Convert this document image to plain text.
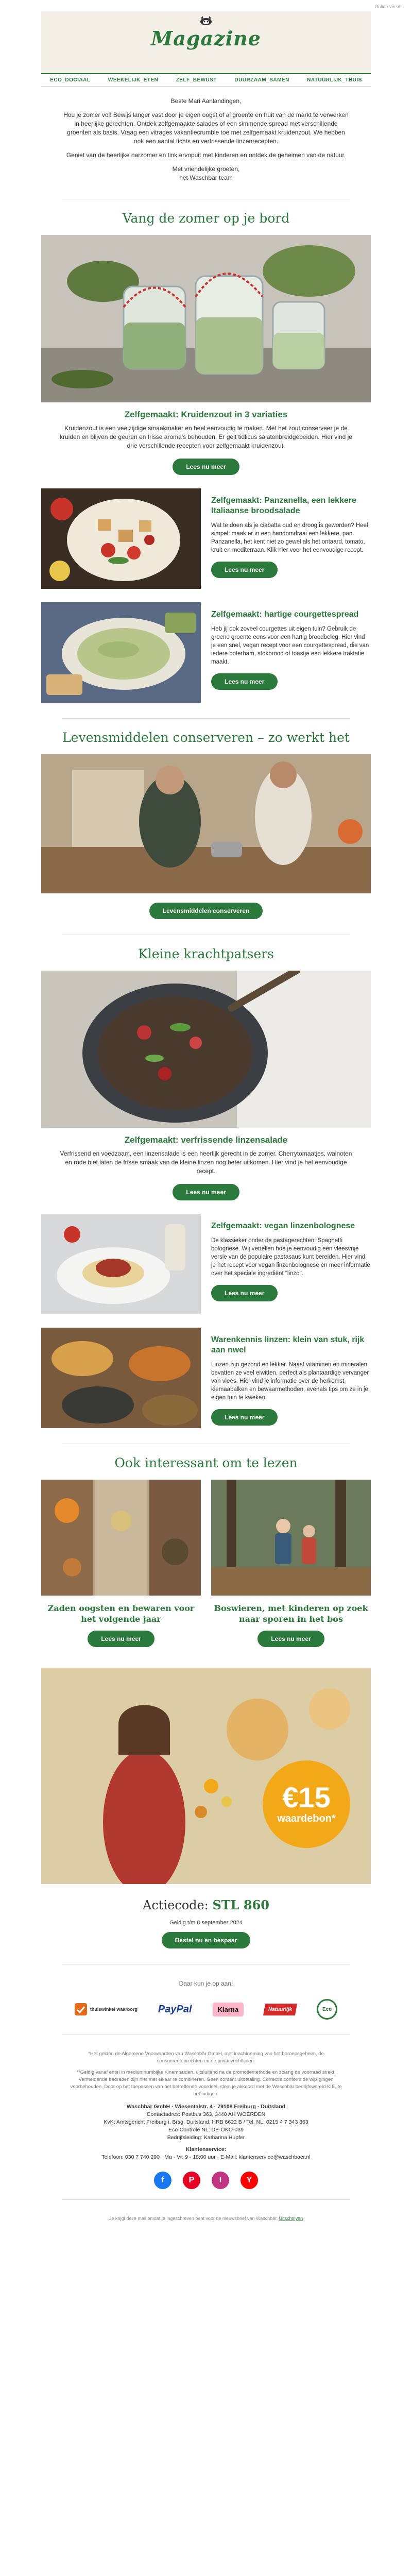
Online versie
Magazine
ECO_DOCIAAL	WEEKELIJK_ETEN	ZELF_BEWUST	DUURZAAM_SAMEN	NATUURLIJK_THUIS

Beste Mari Aanlandingen,

Hou je zomer vol! Bewijs langer vast door je eigen oogst of al groente en fruit van de markt te verwerken in heerlijke gerechten. Ontdek zelfgemaakte salades of een simmende spread met verschillende groenten als basis. Vraag een vitrages vakantiecrumble toe met zelfgemaakt kruidenzout. We hebben ook een aantal tichts en verfrissende linzenrecepten.

Geniet van de heerlijke narzomer en tink ervopuit met kinderen en ontdek de geheimen van de natuur.

Met vriendelijke groeten,
het Waschbär team

Vang de zomer op je bord
Zelfgemaakt: Kruidenzout in 3 variaties
Kruidenzout is een veelzijdige smaakmaker en heel eenvoudig te maken. Met het zout conserveer je de kruiden en blijven de geuren en frisse aroma's behouden. Er gelt tidlicus salatenbreidgebeiden. Hier vind je drie verschillende recepten voor zelfgemaakt kruidenzout.
Lees nu meer
Zelfgemaakt: Panzanella, een lekkere Italiaanse broodsalade

Wat te doen als je ciabatta oud en droog is geworden? Heel simpel: maak er in een handomdraai een lekkere, pan. Panzanella, het kent niet zo gewel als het ontaard, tomato, kruit en mediterraan. Klik hier voor het eenvoudige recept.

Lees nu meer
Zelfgemaakt: hartige courgettespread

Heb jij ook zoveel courgettes uit eigen tuin? Gebruik de groene groente eens voor een hartig broodbeleg. Hier vind je een snel, vegan recept voor een courgettespread, die van iedere boterham, stokbrood of toastje een lekkere traktatie maakt.

Lees nu meer
Levensmiddelen conserveren – zo werkt het
Levensmiddelen conserveren
Kleine krachtpatsers
Zelfgemaakt: verfrissende linzensalade
Verfrissend en voedzaam, een linzensalade is een heerlijk gerecht in de zomer. Cherrytomaatjes, walnoten en rode biet laten de frisse smaak van de kleine linzen nog beter uitkomen. Hier vind je het eenvoudige recept.
Lees nu meer
Zelfgemaakt: vegan linzenbolognese

De klassieker onder de pastagerechten: Spaghetti bolognese. Wij vertellen hoe je eenvoudig een vleesvrije versie van de populaire pastasaus kunt bereiden. Hier vind je het recept voor vegan linzenbolognese en meer informatie over het speciale ingrediënt "linzo".

Lees nu meer
Warenkennis linzen: klein van stuk, rijk aan nwel

Linzen zijn gezond en lekker. Naast vitaminen en mineralen bevatten ze veel eiwitten, perfect als plantaardige vervanger van vlees. Hier vind je informatie over de herkomst, kiemaabalken en bewaarmethoden, evenals tips om ze in je eigen tuin te kweken.

Lees nu meer
Ook interessant om te lezen
Zaden oogsten en bewaren voor het volgende jaar
Lees nu meer
Boswieren, met kinderen op zoek naar sporen in het bos
Lees nu meer
€15
waardebon*
Actiecode: STL 860
Geldig t/m 8 september 2024
Bestel nu en bespaar
Daar kun je op aan!
thuiswinkel waarborg PayPal	Klarna	Natuurlijk	Eco

*Het gelden de Algemene Voorwaarden van Waschbär GmbH, met inachtneming van het beroepsgeheim, de consumentenrechten en de privacyrichtlijnen.

**Geldig vanaf entel in mediumnumbijke Kinemhaiden, uitsluitend na de promotiemethode en zolang de voorraad strekt. Vermeldende bedraden zijn niet met elkaar te combineren. Geen contant uitbetaling. Correctie conform de wijzigingen voorbehouden. Door op het toepassen van het betreffende voordeel, stem je akkoord met de Waschbär bedrijfswereld KIE, te beëindigen.

Waschbär GmbH · Wiesentalstr. 4 · 79108 Freiburg · Duitsland
Contactadres: Postbus 363, 3440 AH WOERDEN
KvK: Amtsgericht Freiburg i. Brsg. Duitsland, HRB 6622 B / Tel. NL: 0215 4 7 343 863
Eco-Controle NL: DE-ÖKO-039
Bedrijfsleiding: Katharina Hupfer
Klantenservice:
Telefoon: 030 7 740 290 · Ma - Vr: 9 - 18:00 uur · E-Mail: klantenservice@waschbaer.nl
f	P	I	Y
Je krijgt deze mail omdat je ingeschreven bent voor de nieuwsbrief van Waschbär. Uitschrijven
